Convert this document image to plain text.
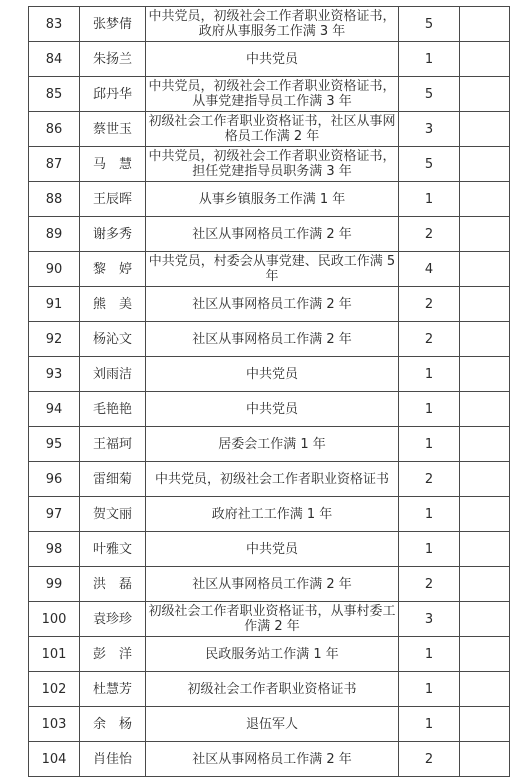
83	张梦倩	中共党员，初级社会工作者职业资格证书，政府从事服务工作满 3 年	5	
84	朱扬兰	中共党员	1	
85	邱丹华	中共党员，初级社会工作者职业资格证书，从事党建指导员工作满 3 年	5	
86	蔡世玉	初级社会工作者职业资格证书，社区从事网格员工作满 2 年	3	
87	马　慧	中共党员，初级社会工作者职业资格证书，担任党建指导员职务满 3 年	5	
88	王辰晖	从事乡镇服务工作满 1 年	1	
89	谢多秀	社区从事网格员工作满 2 年	2	
90	黎　婷	中共党员，村委会从事党建、民政工作满 5 年	4	
91	熊　美	社区从事网格员工作满 2 年	2	
92	杨沁文	社区从事网格员工作满 2 年	2	
93	刘雨洁	中共党员	1	
94	毛艳艳	中共党员	1	
95	王福珂	居委会工作满 1 年	1	
96	雷细菊	中共党员，初级社会工作者职业资格证书	2	
97	贺文丽	政府社工工作满 1 年	1	
98	叶雅文	中共党员	1	
99	洪　磊	社区从事网格员工作满 2 年	2	
100	袁珍珍	初级社会工作者职业资格证书，从事村委工作满 2 年	3	
101	彭　洋	民政服务站工作满 1 年	1	
102	杜慧芳	初级社会工作者职业资格证书	1	
103	余　杨	退伍军人	1	
104	肖佳怡	社区从事网格员工作满 2 年	2	
